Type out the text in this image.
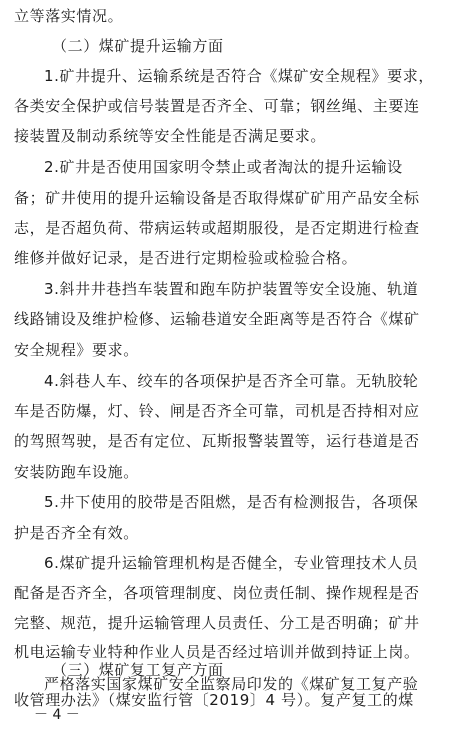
立等落实情况。
（二）煤矿提升运输方面
1.矿井提升、运输系统是否符合《煤矿安全规程》要求，
各类安全保护或信号装置是否齐全、可靠；钢丝绳、主要连
接装置及制动系统等安全性能是否满足要求。
2.矿井是否使用国家明令禁止或者淘汰的提升运输设
备；矿井使用的提升运输设备是否取得煤矿矿用产品安全标
志，是否超负荷、带病运转或超期服役，是否定期进行检查
维修并做好记录，是否进行定期检验或检验合格。
3.斜井井巷挡车装置和跑车防护装置等安全设施、轨道
线路铺设及维护检修、运输巷道安全距离等是否符合《煤矿
安全规程》要求。
4.斜巷人车、绞车的各项保护是否齐全可靠。无轨胶轮
车是否防爆，灯、铃、闸是否齐全可靠，司机是否持相对应
的驾照驾驶，是否有定位、瓦斯报警装置等，运行巷道是否
安装防跑车设施。
5.井下使用的胶带是否阻燃，是否有检测报告，各项保
护是否齐全有效。
6.煤矿提升运输管理机构是否健全，专业管理技术人员
配备是否齐全，各项管理制度、岗位责任制、操作规程是否
完整、规范，提升运输管理人员责任、分工是否明确；矿井
机电运输专业特种作业人员是否经过培训并做到持证上岗。
（三）煤矿复工复产方面
严格落实国家煤矿安全监察局印发的《煤矿复工复产验
收管理办法》（煤安监行管〔2019〕4 号）。复产复工的煤
－ 4 －
